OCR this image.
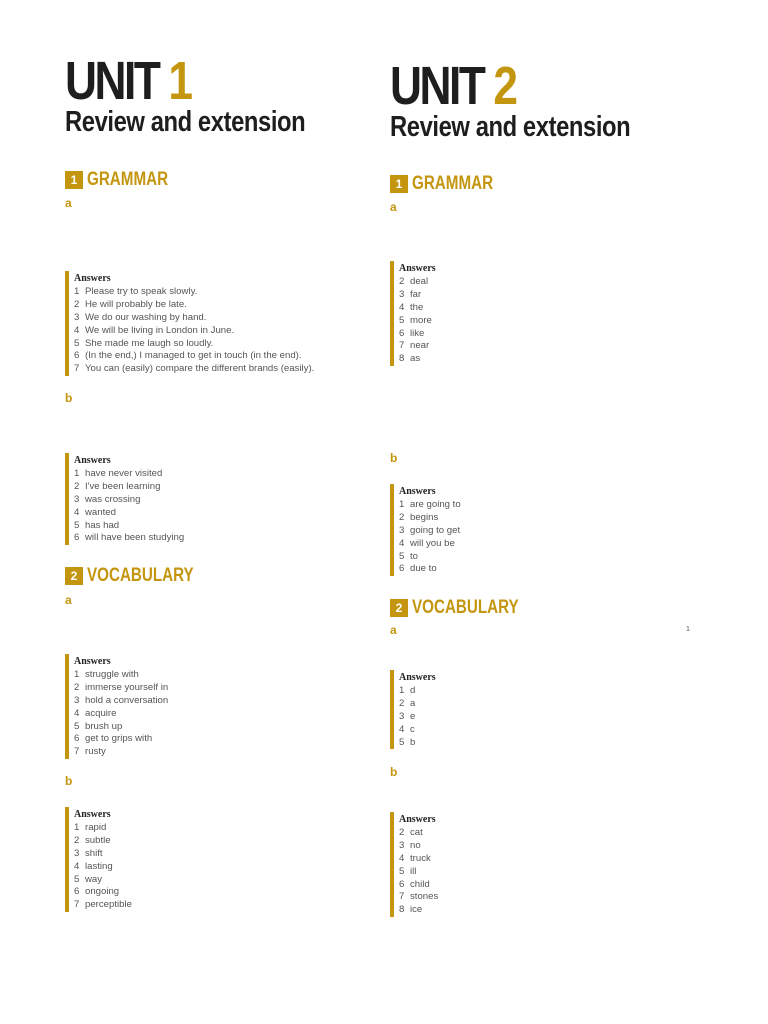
UNIT 1
Review and extension
1 GRAMMAR
a
Answers
1 Please try to speak slowly.
2 He will probably be late.
3 We do our washing by hand.
4 We will be living in London in June.
5 She made me laugh so loudly.
6 (In the end,) I managed to get in touch (in the end).
7 You can (easily) compare the different brands (easily).
b
Answers
1 have never visited
2 I've been learning
3 was crossing
4 wanted
5 has had
6 will have been studying
2 VOCABULARY
a
Answers
1 struggle with
2 immerse yourself in
3 hold a conversation
4 acquire
5 brush up
6 get to grips with
7 rusty
b
Answers
1 rapid
2 subtle
3 shift
4 lasting
5 way
6 ongoing
7 perceptible
UNIT 2
Review and extension
1 GRAMMAR
a
Answers
2 deal
3 far
4 the
5 more
6 like
7 near
8 as
b
Answers
1 are going to
2 begins
3 going to get
4 will you be
5 to
6 due to
2 VOCABULARY
a
Answers
1 d
2 a
3 e
4 c
5 b
b
Answers
2 cat
3 no
4 truck
5 ill
6 child
7 stones
8 ice
1
